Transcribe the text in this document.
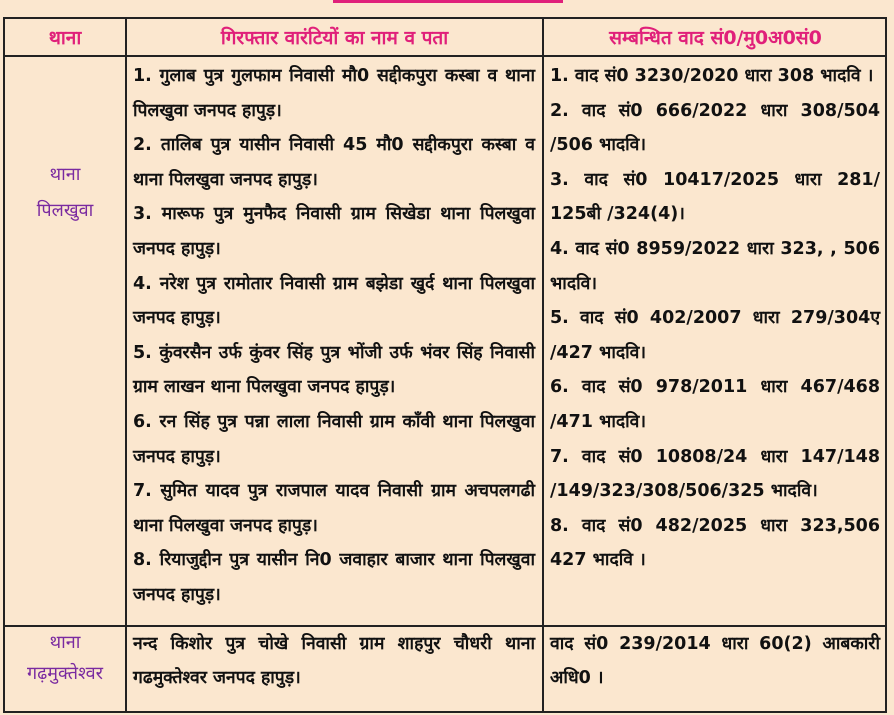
थाना	गिरफ्तार वारंटियों का नाम व पता	सम्बन्धित वाद सं0/मु0अ0सं0
थाना
पिलखुवा
1. गुलाब पुत्र गुलफाम निवासी मौ0 सद्दीकपुरा कस्बा व थाना पिलखुवा जनपद हापुड़।
2. तालिब पुत्र यासीन निवासी 45 मौ0 सद्दीकपुरा कस्बा व थाना पिलखुवा जनपद हापुड़।
3. मारूफ पुत्र मुनफैद निवासी ग्राम सिखेडा थाना पिलखुवा जनपद हापुड़।
4. नरेश पुत्र रामोतार निवासी ग्राम बझेडा खुर्द थाना पिलखुवा जनपद हापुड़।
5. कुंवरसैन उर्फ कुंवर सिंह पुत्र भोंजी उर्फ भंवर सिंह निवासी ग्राम लाखन थाना पिलखुवा जनपद हापुड़।
6. रन सिंह पुत्र पन्ना लाला निवासी ग्राम काँवी थाना पिलखुवा जनपद हापुड़।
7. सुमित यादव पुत्र राजपाल यादव निवासी ग्राम अचपलगढी थाना पिलखुवा जनपद हापुड़।
8. रियाजुद्दीन पुत्र यासीन नि0 जवाहार बाजार थाना पिलखुवा जनपद हापुड़।
1. वाद सं0 3230/2020 धारा 308 भादवि ।
2. वाद सं0 666/2022 धारा 308/504 /506 भादवि।
3. वाद सं0 10417/2025 धारा 281/ 125बी /324(4)।
4. वाद सं0 8959/2022 धारा 323, , 506 भादवि।
5. वाद सं0 402/2007 धारा 279/304ए /427 भादवि।
6. वाद सं0 978/2011 धारा 467/468 /471 भादवि।
7. वाद सं0 10808/24 धारा 147/148 /149/323/308/506/325 भादवि।
8. वाद सं0 482/2025 धारा 323,506 427 भादवि ।
थाना
गढ़मुक्तेश्वर
नन्द किशोर पुत्र चोखे निवासी ग्राम शाहपुर चौधरी थाना गढमुक्तेश्वर जनपद हापुड़।
वाद सं0 239/2014 धारा 60(2) आबकारी अधि0 ।
